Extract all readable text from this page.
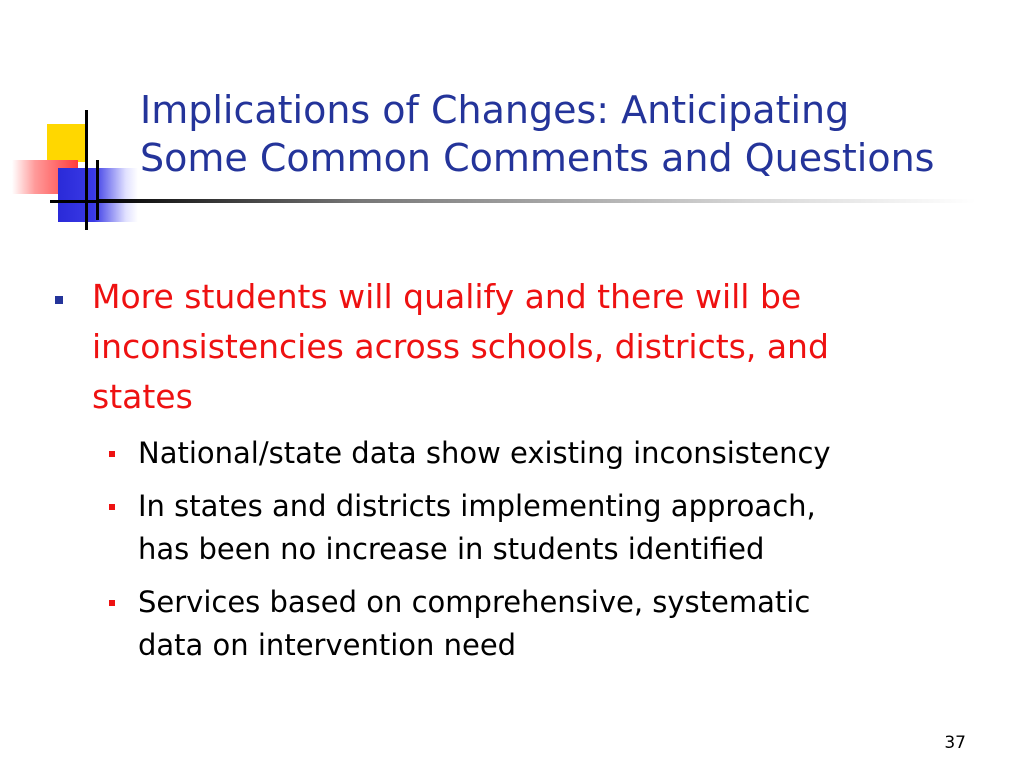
Implications of Changes: Anticipating
Some Common Comments and Questions
More students will qualify and there will be
inconsistencies across schools, districts, and
states
National/state data show existing inconsistency
In states and districts implementing approach,
has been no increase in students identified
Services based on comprehensive, systematic
data on intervention need
37
